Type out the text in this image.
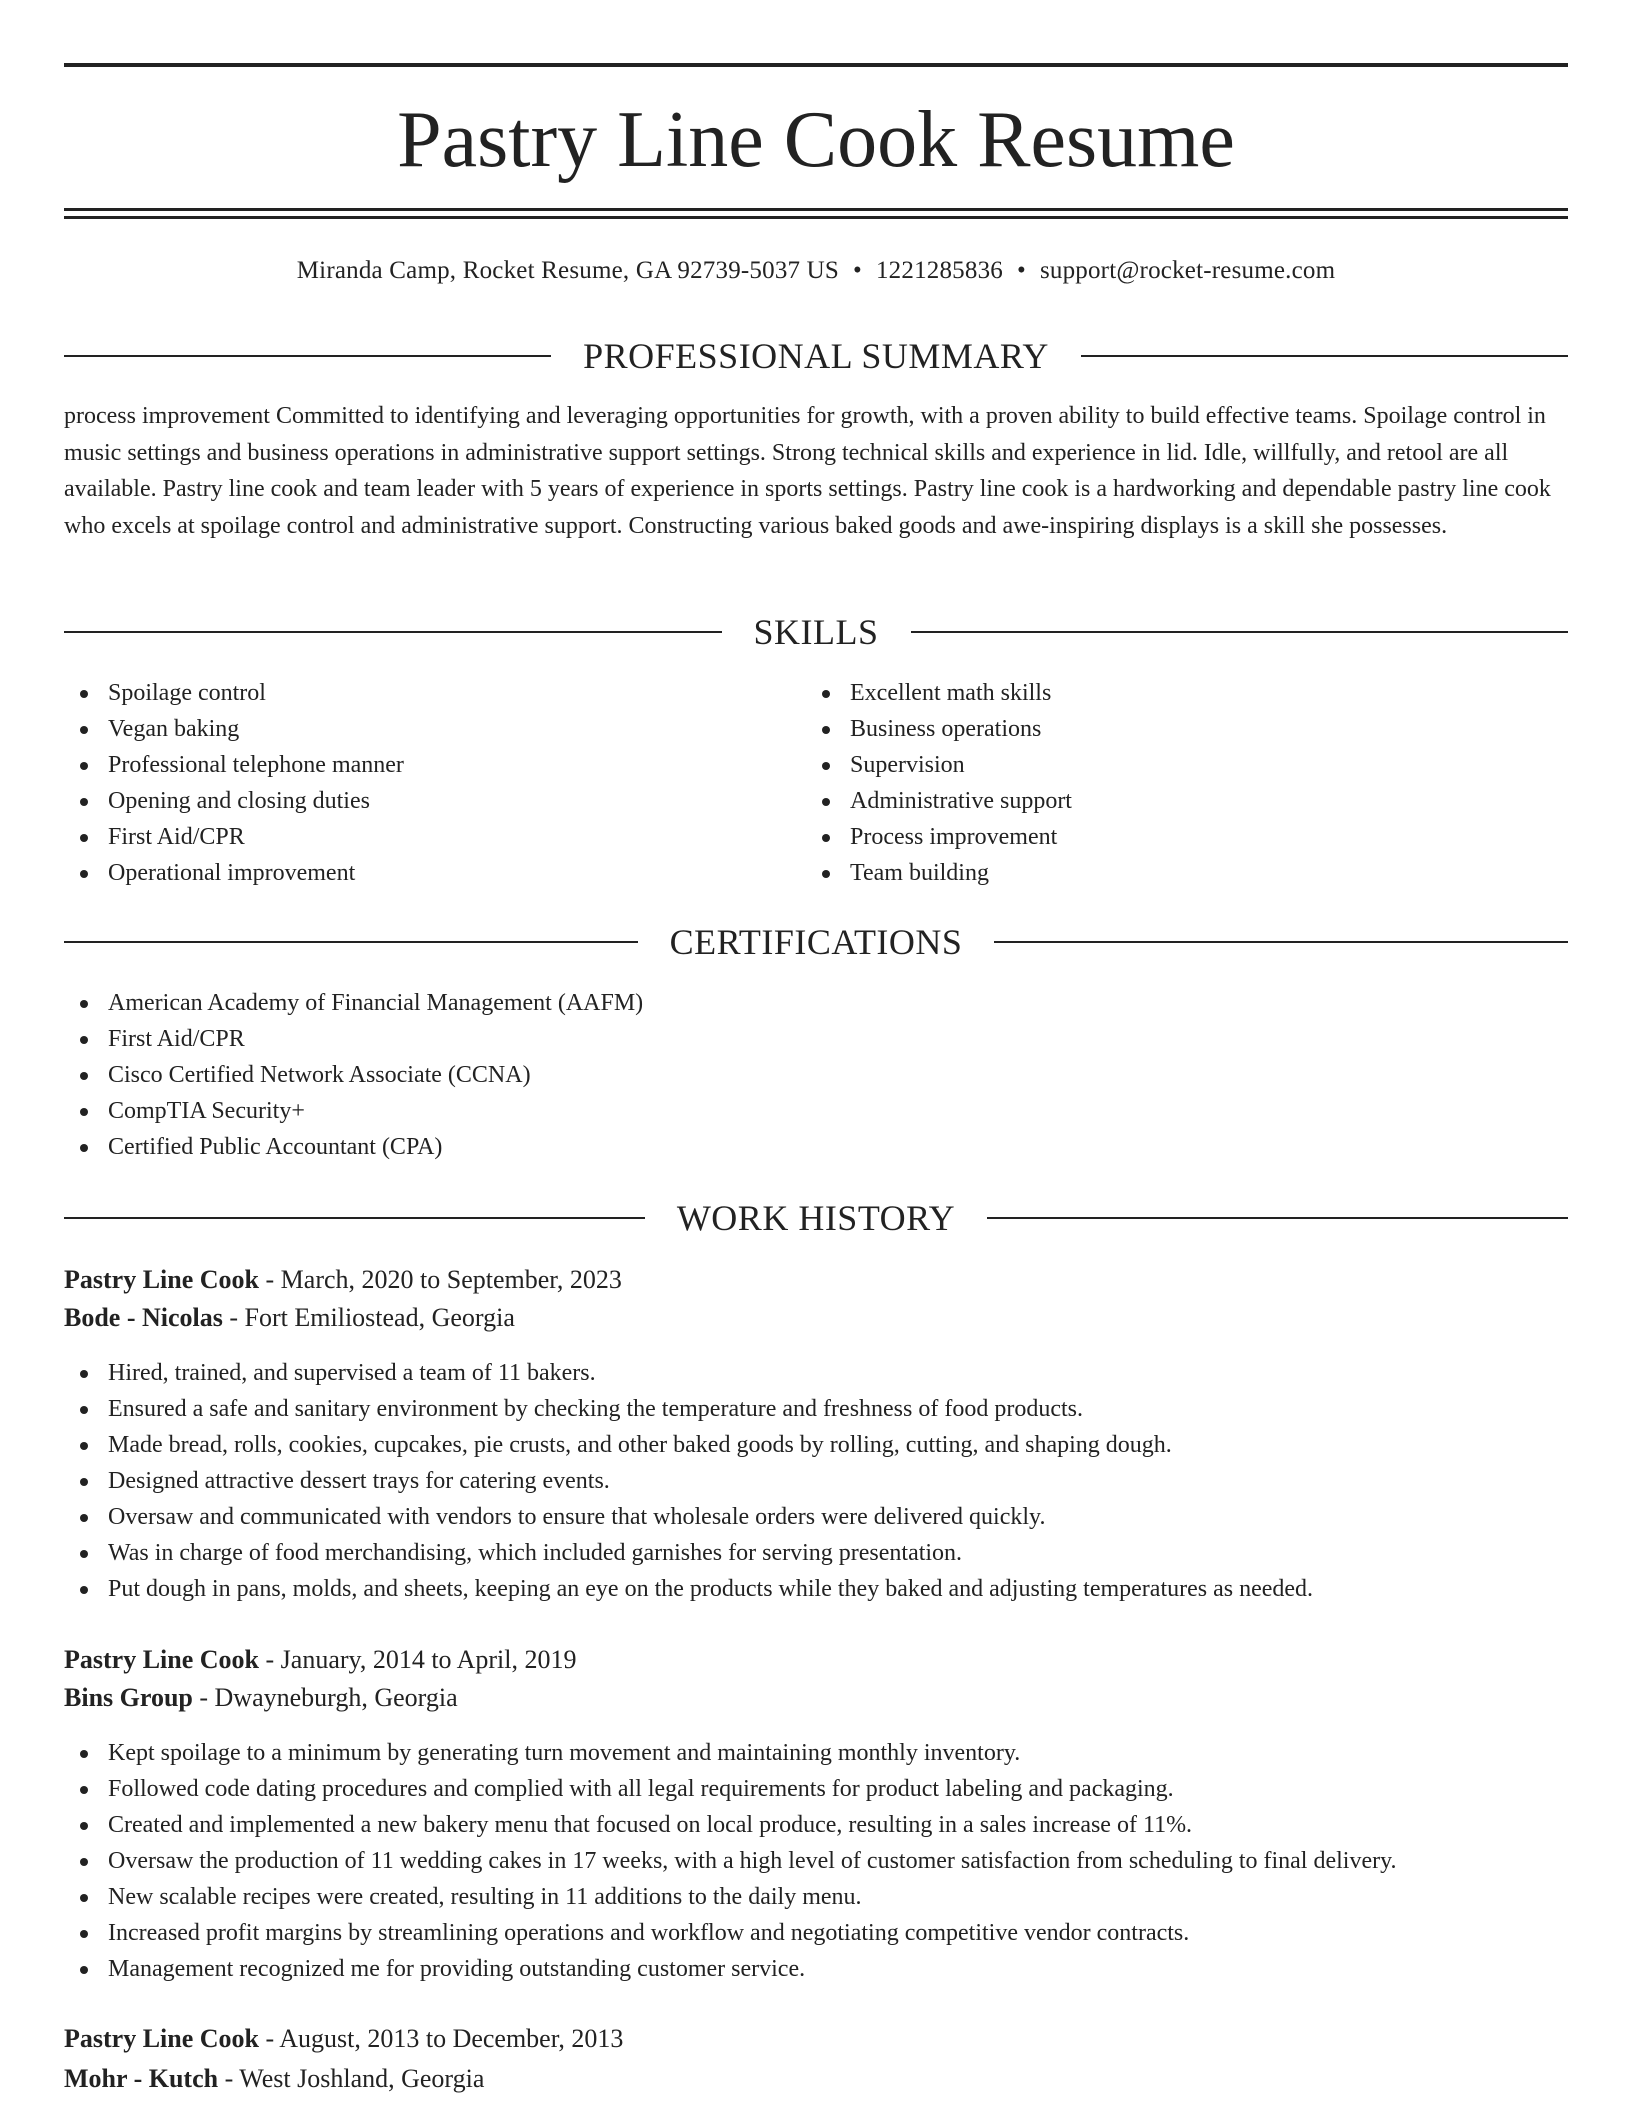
Pastry Line Cook Resume
Miranda Camp, Rocket Resume, GA 92739-5037 US • 1221285836 • support@rocket-resume.com
PROFESSIONAL SUMMARY

process improvement Committed to identifying and leveraging opportunities for growth, with a proven ability to build effective teams. Spoilage control in music settings and business operations in administrative support settings. Strong technical skills and experience in lid. Idle, willfully, and retool are all available. Pastry line cook and team leader with 5 years of experience in sports settings. Pastry line cook is a hardworking and dependable pastry line cook who excels at spoilage control and administrative support. Constructing various baked goods and awe-inspiring displays is a skill she possesses.

SKILLS
Spoilage control
Vegan baking
Professional telephone manner
Opening and closing duties
First Aid/CPR
Operational improvement
Excellent math skills
Business operations
Supervision
Administrative support
Process improvement
Team building
CERTIFICATIONS
American Academy of Financial Management (AAFM)
First Aid/CPR
Cisco Certified Network Associate (CCNA)
CompTIA Security+
Certified Public Accountant (CPA)
WORK HISTORY
Pastry Line Cook - March, 2020 to September, 2023
Bode - Nicolas - Fort Emiliostead, Georgia
Hired, trained, and supervised a team of 11 bakers.
Ensured a safe and sanitary environment by checking the temperature and freshness of food products.
Made bread, rolls, cookies, cupcakes, pie crusts, and other baked goods by rolling, cutting, and shaping dough.
Designed attractive dessert trays for catering events.
Oversaw and communicated with vendors to ensure that wholesale orders were delivered quickly.
Was in charge of food merchandising, which included garnishes for serving presentation.
Put dough in pans, molds, and sheets, keeping an eye on the products while they baked and adjusting temperatures as needed.
Pastry Line Cook - January, 2014 to April, 2019
Bins Group - Dwayneburgh, Georgia
Kept spoilage to a minimum by generating turn movement and maintaining monthly inventory.
Followed code dating procedures and complied with all legal requirements for product labeling and packaging.
Created and implemented a new bakery menu that focused on local produce, resulting in a sales increase of 11%.
Oversaw the production of 11 wedding cakes in 17 weeks, with a high level of customer satisfaction from scheduling to final delivery.
New scalable recipes were created, resulting in 11 additions to the daily menu.
Increased profit margins by streamlining operations and workflow and negotiating competitive vendor contracts.
Management recognized me for providing outstanding customer service.
Pastry Line Cook - August, 2013 to December, 2013
Mohr - Kutch - West Joshland, Georgia
